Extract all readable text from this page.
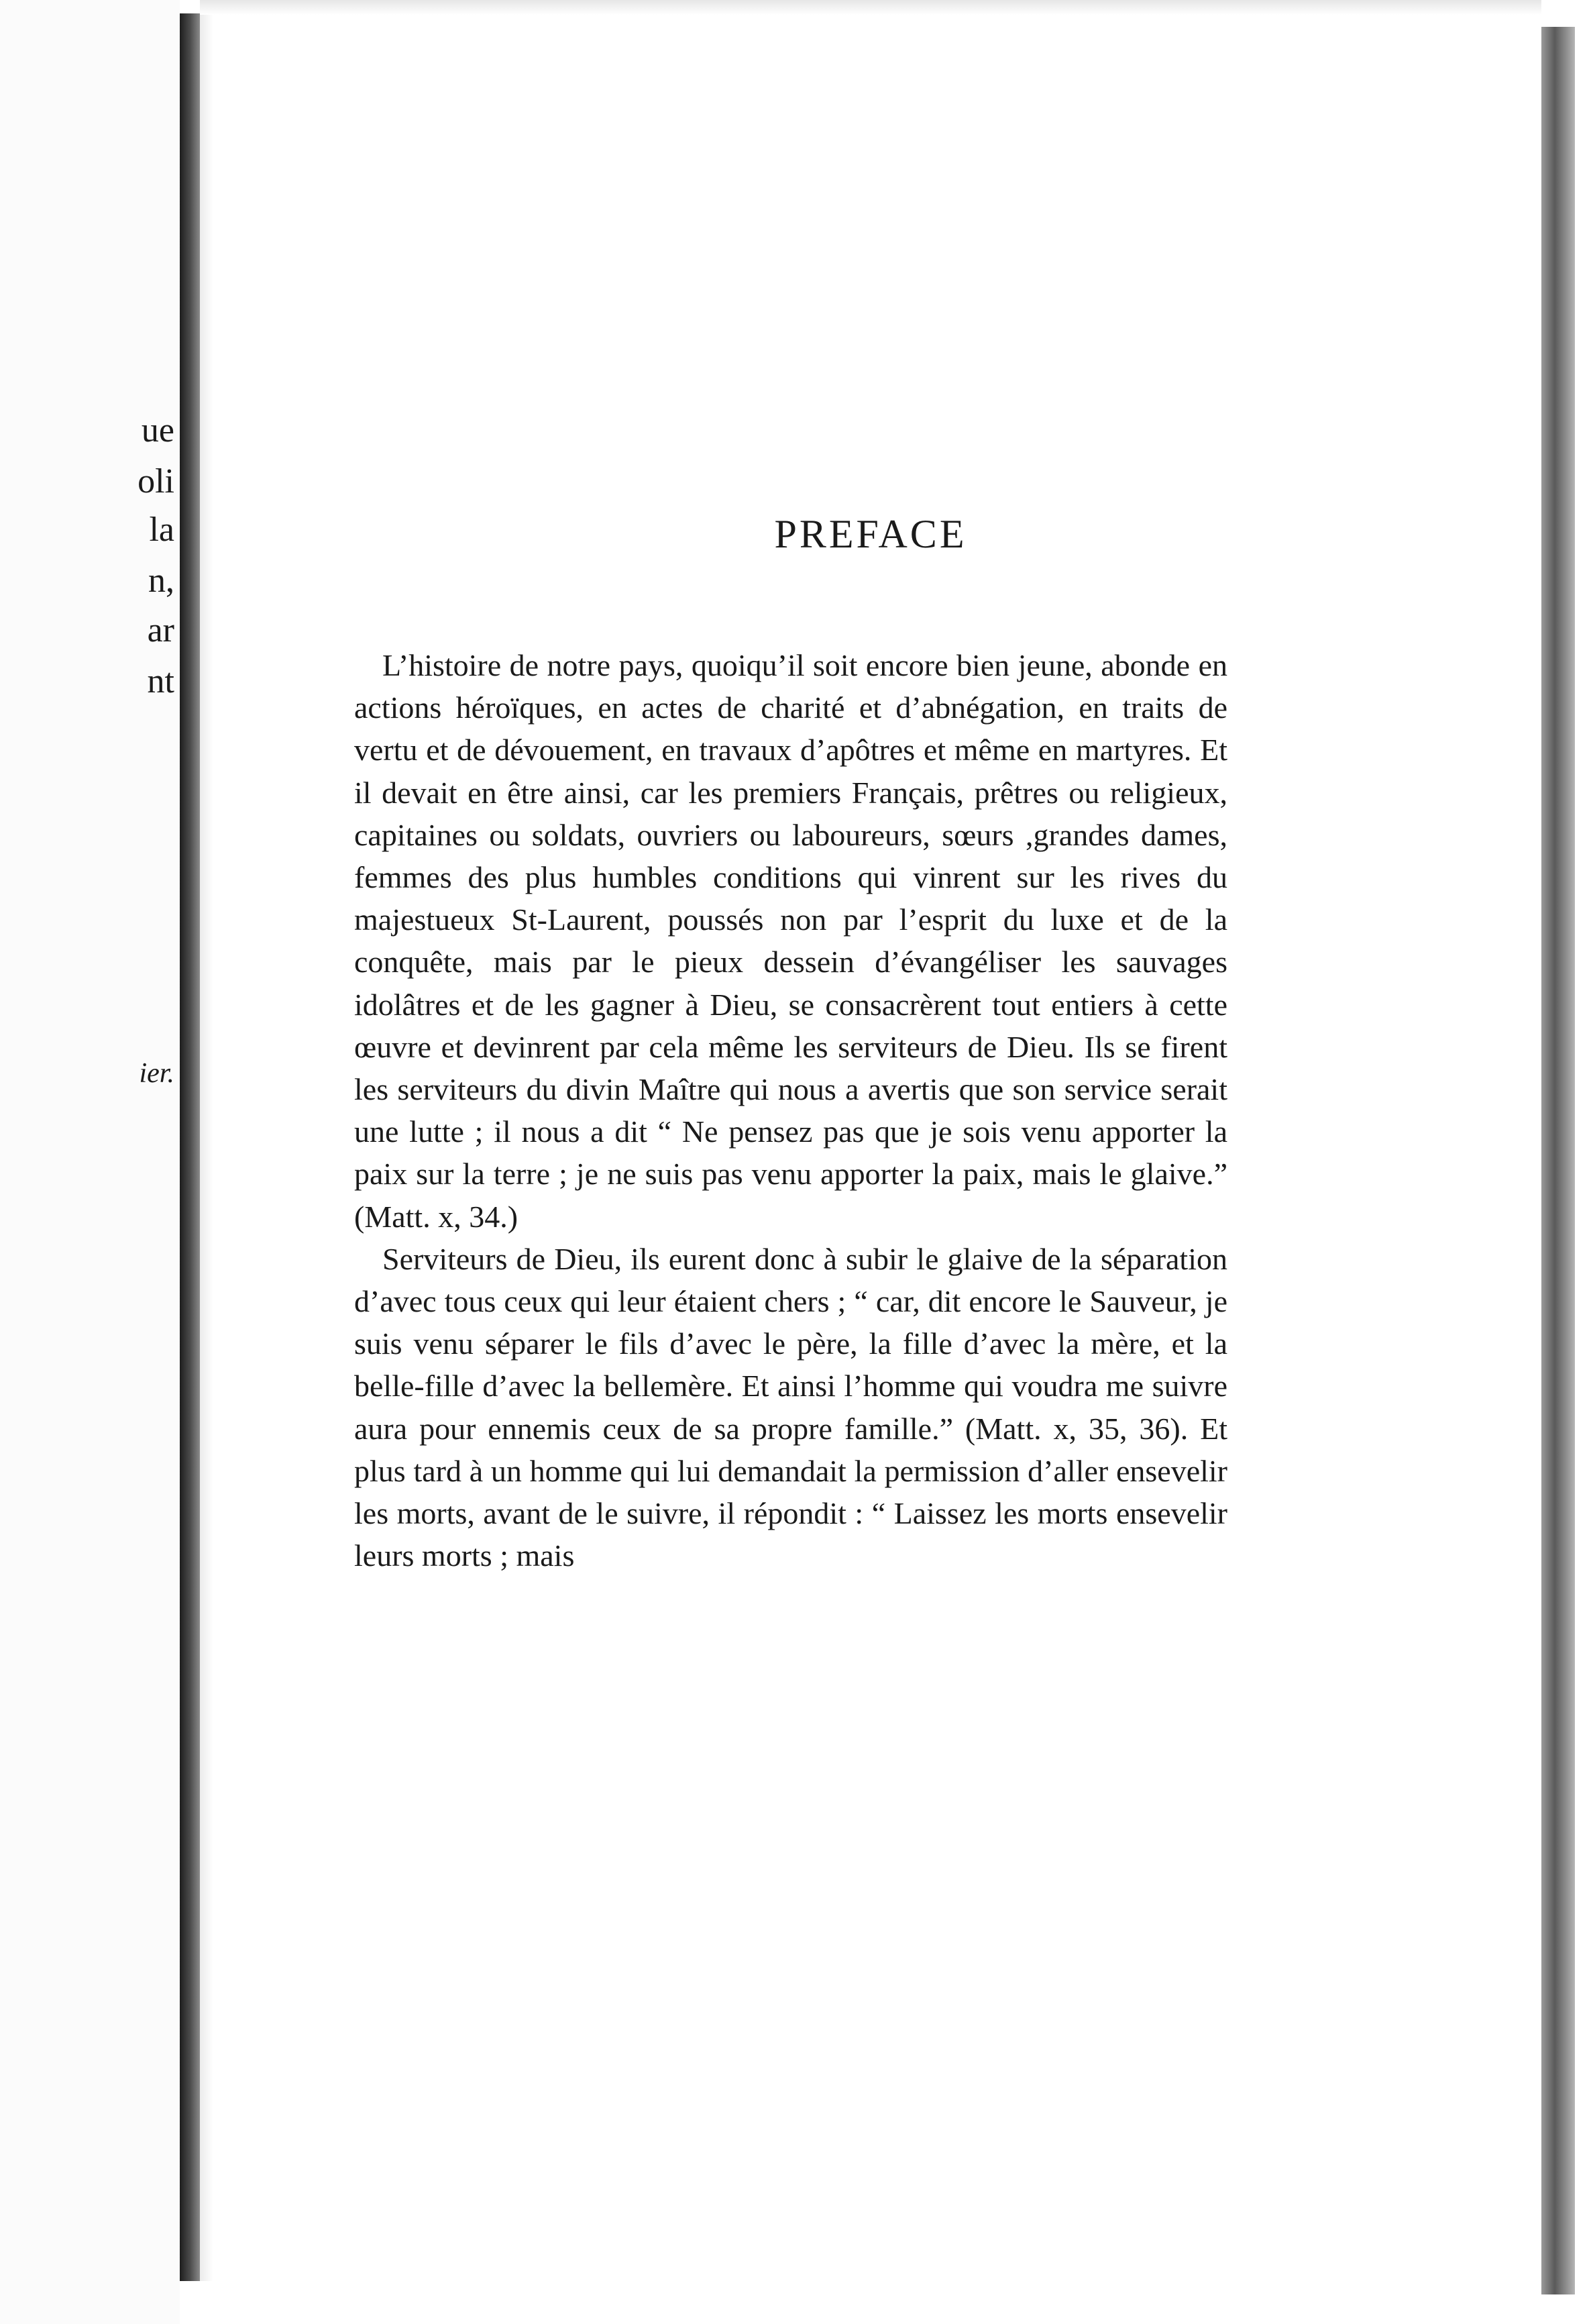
ue
oli
la
n,
ar
nt
ier.
PREFACE

L’histoire de notre pays, quoiqu’il soit encore bien jeune, abonde en actions héroïques, en actes de charité et d’abnégation, en traits de vertu et de dévouement, en travaux d’apôtres et même en martyres. Et il devait en être ainsi, car les premiers Français, prêtres ou religieux, capitaines ou soldats, ouvriers ou laboureurs, sœurs ,grandes dames, femmes des plus humbles conditions qui vinrent sur les rives du majestueux St-Laurent, poussés non par l’esprit du luxe et de la conquête, mais par le pieux dessein d’évangéliser les sauvages idolâtres et de les gagner à Dieu, se consacrèrent tout entiers à cette œuvre et devinrent par cela même les serviteurs de Dieu. Ils se firent les serviteurs du divin Maître qui nous a avertis que son service serait une lutte ; il nous a dit “ Ne pensez pas que je sois venu apporter la paix sur la terre ; je ne suis pas venu apporter la paix, mais le glaive.” (Matt. x, 34.)

Serviteurs de Dieu, ils eurent donc à subir le glaive de la séparation d’avec tous ceux qui leur étaient chers ; “ car, dit encore le Sauveur, je suis venu séparer le fils d’avec le père, la fille d’avec la mère, et la belle-fille d’avec la bellemère. Et ainsi l’homme qui voudra me suivre aura pour ennemis ceux de sa propre famille.” (Matt. x, 35, 36). Et plus tard à un homme qui lui demandait la permission d’aller ensevelir les morts, avant de le suivre, il répondit : “ Laissez les morts ensevelir leurs morts ; mais
